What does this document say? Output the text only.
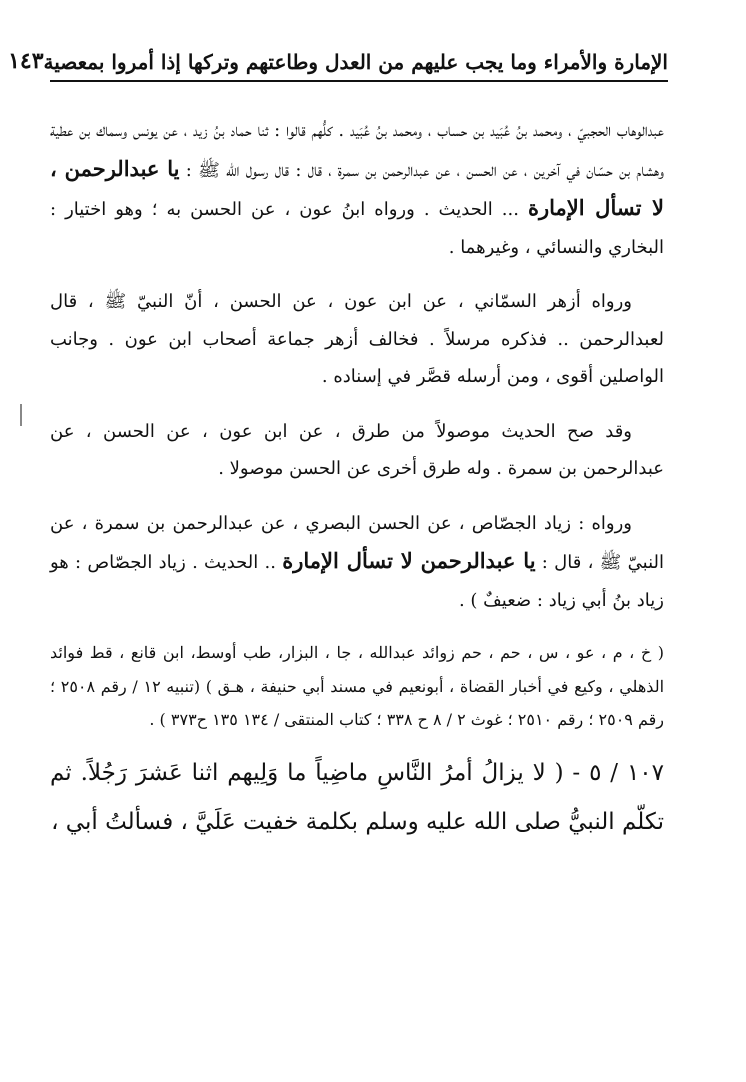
الإمارة والأمراء وما يجب عليهم من العدل وطاعتهم وتركها إذا أمروا بمعصية
١٤٣

عبدالوهاب الحجبيّ ، ومحمد بنُ عُبَيد بن حساب ، ومحمد بنُ عُبَيد . كلُّهم قالوا : ثنا حماد بنُ زيد ، عن يونس وسماك بن عطية وهشام بن حسّان في آخرين ، عن الحسن ، عن عبدالرحمن بن سمرة ، قال : قال رسول الله ﷺ : يا عبدالرحمن ، لا تسأل الإمارة ... الحديث . ورواه ابنُ عون ، عن الحسن به ؛ وهو اختيار : البخاري والنسائي ، وغيرهما .

ورواه أزهر السمّاني ، عن ابن عون ، عن الحسن ، أنّ النبيّ ﷺ ، قال لعبدالرحمن .. فذكره مرسلاً . فخالف أزهر جماعة أصحاب ابن عون . وجانب الواصلين أقوى ، ومن أرسله قصَّر في إسناده .

وقد صح الحديث موصولاً من طرق ، عن ابن عون ، عن الحسن ، عن عبدالرحمن بن سمرة . وله طرق أخرى عن الحسن موصولا .

ورواه : زياد الجصّاص ، عن الحسن البصري ، عن عبدالرحمن بن سمرة ، عن النبيّ ﷺ ، قال : يا عبدالرحمن لا تسأل الإمارة .. الحديث . زياد الجصّاص : هو زياد بنُ أبي زياد : ضعيفٌ ) .

( خ ، م ، عو ، س ، حم ، حم زوائد عبدالله ، جا ، البزار، طب أوسط، ابن قانع ، قط فوائد الذهلي ، وكيع في أخبار القضاة ، أبونعيم في مسند أبي حنيفة ، هـق ) (تنبيه ١٢ / رقم ٢٥٠٨ ؛ رقم ٢٥٠٩ ؛ رقم ٢٥١٠ ؛ غوث ٢ / ٨ ح ٣٣٨ ؛ كتاب المنتقى / ١٣٤ ١٣٥ ح٣٧٣ ) .

١٠٧ / ٥ - ( لا يزالُ أمرُ النَّاسِ ماضِياً ما وَلِيهم اثنا عَشرَ رَجُلاً. ثم تكلّم النبيُّ صلى الله عليه وسلم بكلمة خفيت عَلَيَّ ، فسألتُ أبي ،
